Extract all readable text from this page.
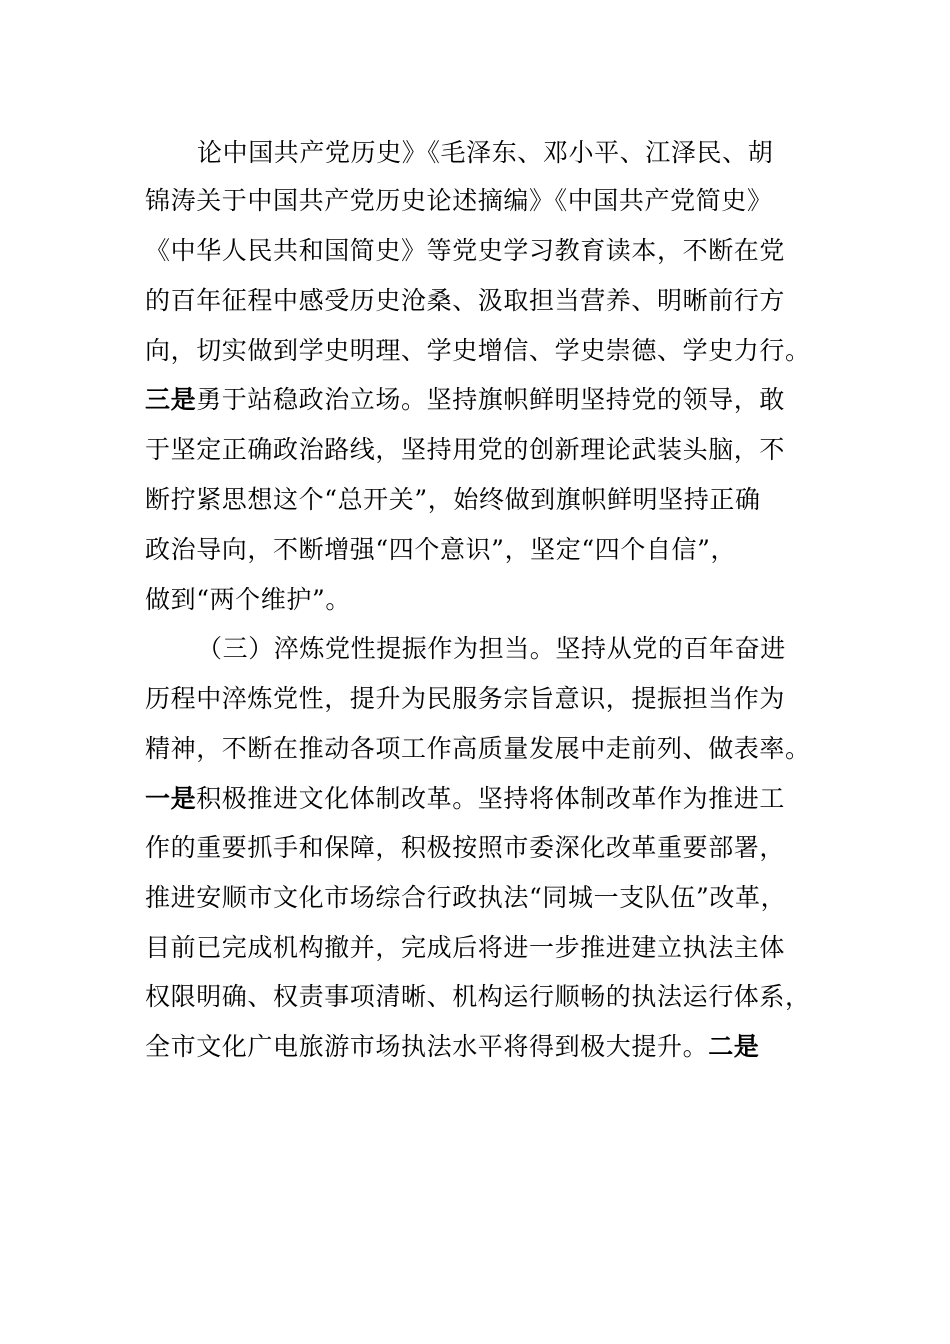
论中国共产党历史》《毛泽东、邓小平、江泽民、胡
锦涛关于中国共产党历史论述摘编》《中国共产党简史》
《中华人民共和国简史》等党史学习教育读本，不断在党
的百年征程中感受历史沧桑、汲取担当营养、明晰前行方
向，切实做到学史明理、学史增信、学史崇德、学史力行。
三是勇于站稳政治立场。坚持旗帜鲜明坚持党的领导，敢
于坚定正确政治路线，坚持用党的创新理论武装头脑，不
断拧紧思想这个“总开关”，始终做到旗帜鲜明坚持正确
政治导向，不断增强“四个意识”，坚定“四个自信”，
做到“两个维护”。
（三）淬炼党性提振作为担当。坚持从党的百年奋进
历程中淬炼党性，提升为民服务宗旨意识，提振担当作为
精神，不断在推动各项工作高质量发展中走前列、做表率。
一是积极推进文化体制改革。坚持将体制改革作为推进工
作的重要抓手和保障，积极按照市委深化改革重要部署，
推进安顺市文化市场综合行政执法“同城一支队伍”改革，
目前已完成机构撤并，完成后将进一步推进建立执法主体
权限明确、权责事项清晰、机构运行顺畅的执法运行体系，
全市文化广电旅游市场执法水平将得到极大提升。二是
